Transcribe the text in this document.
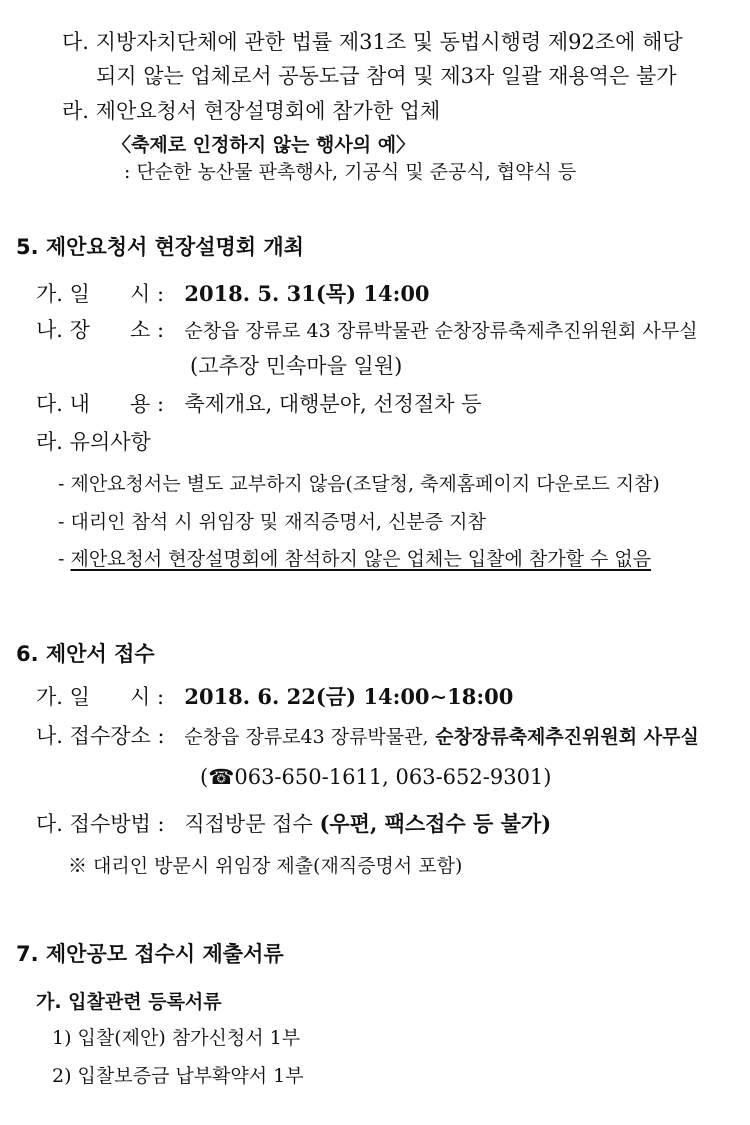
다. 지방자치단체에 관한 법률 제31조 및 동법시행령 제92조에 해당
되지 않는 업체로서 공동도급 참여 및 제3자 일괄 재용역은 불가
라. 제안요청서 현장설명회에 참가한 업체
〈축제로 인정하지 않는 행사의 예〉
: 단순한 농산물 판촉행사, 기공식 및 준공식, 협약식 등
5. 제안요청서 현장설명회 개최
가. 일      시 : 2018. 5. 31(목) 14:00
나. 장      소 : 순창읍 장류로 43 장류박물관 순창장류축제추진위원회 사무실
(고추장 민속마을 일원)
다. 내      용 : 축제개요, 대행분야, 선정절차 등
라. 유의사항
- 제안요청서는 별도 교부하지 않음(조달청, 축제홈페이지 다운로드 지참)
- 대리인 참석 시 위임장 및 재직증명서, 신분증 지참
- 제안요청서 현장설명회에 참석하지 않은 업체는 입찰에 참가할 수 없음
6. 제안서 접수
가. 일      시 : 2018. 6. 22(금) 14:00∼18:00
나. 접수장소 : 순창읍 장류로43 장류박물관, 순창장류축제추진위원회 사무실
(☎063-650-1611, 063-652-9301)
다. 접수방법 : 직접방문 접수 (우편, 팩스접수 등 불가)
※ 대리인 방문시 위임장 제출(재직증명서 포함)
7. 제안공모 접수시 제출서류
가. 입찰관련 등록서류
1) 입찰(제안) 참가신청서 1부
2) 입찰보증금 납부확약서 1부
